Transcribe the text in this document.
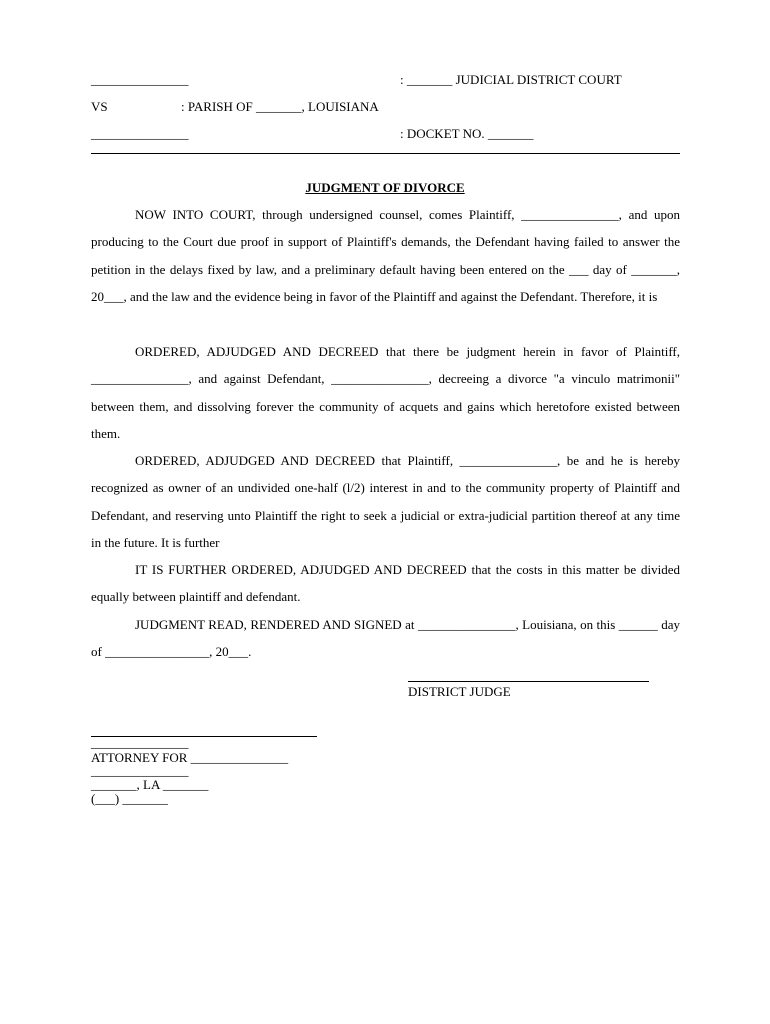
_______________	: _______ JUDICIAL DISTRICT COURT
VS	: PARISH OF _______, LOUISIANA
_______________	: DOCKET NO. _______
JUDGMENT OF DIVORCE
NOW INTO COURT, through undersigned counsel, comes Plaintiff, _______________, and upon producing to the Court due proof in support of Plaintiff's demands, the Defendant having failed to answer the petition in the delays fixed by law, and a preliminary default having been entered on the ___ day of _______, 20___, and the law and the evidence being in favor of the Plaintiff and against the Defendant. Therefore, it is
ORDERED, ADJUDGED AND DECREED that there be judgment herein in favor of Plaintiff, _______________, and against Defendant, _______________, decreeing a divorce "a vinculo matrimonii" between them, and dissolving forever the community of acquets and gains which heretofore existed between them.
ORDERED, ADJUDGED AND DECREED that Plaintiff, _______________, be and he is hereby recognized as owner of an undivided one-half (l/2) interest in and to the community property of Plaintiff and Defendant, and reserving unto Plaintiff the right to seek a judicial or extra-judicial partition thereof at any time in the future. It is further
IT IS FURTHER ORDERED, ADJUDGED AND DECREED that the costs in this matter be divided equally between plaintiff and defendant.
JUDGMENT READ, RENDERED AND SIGNED at _______________, Louisiana, on this ______ day of ________________, 20___.
DISTRICT JUDGE
_______________
ATTORNEY FOR _______________
_______________
_______, LA _______
(___) _______
